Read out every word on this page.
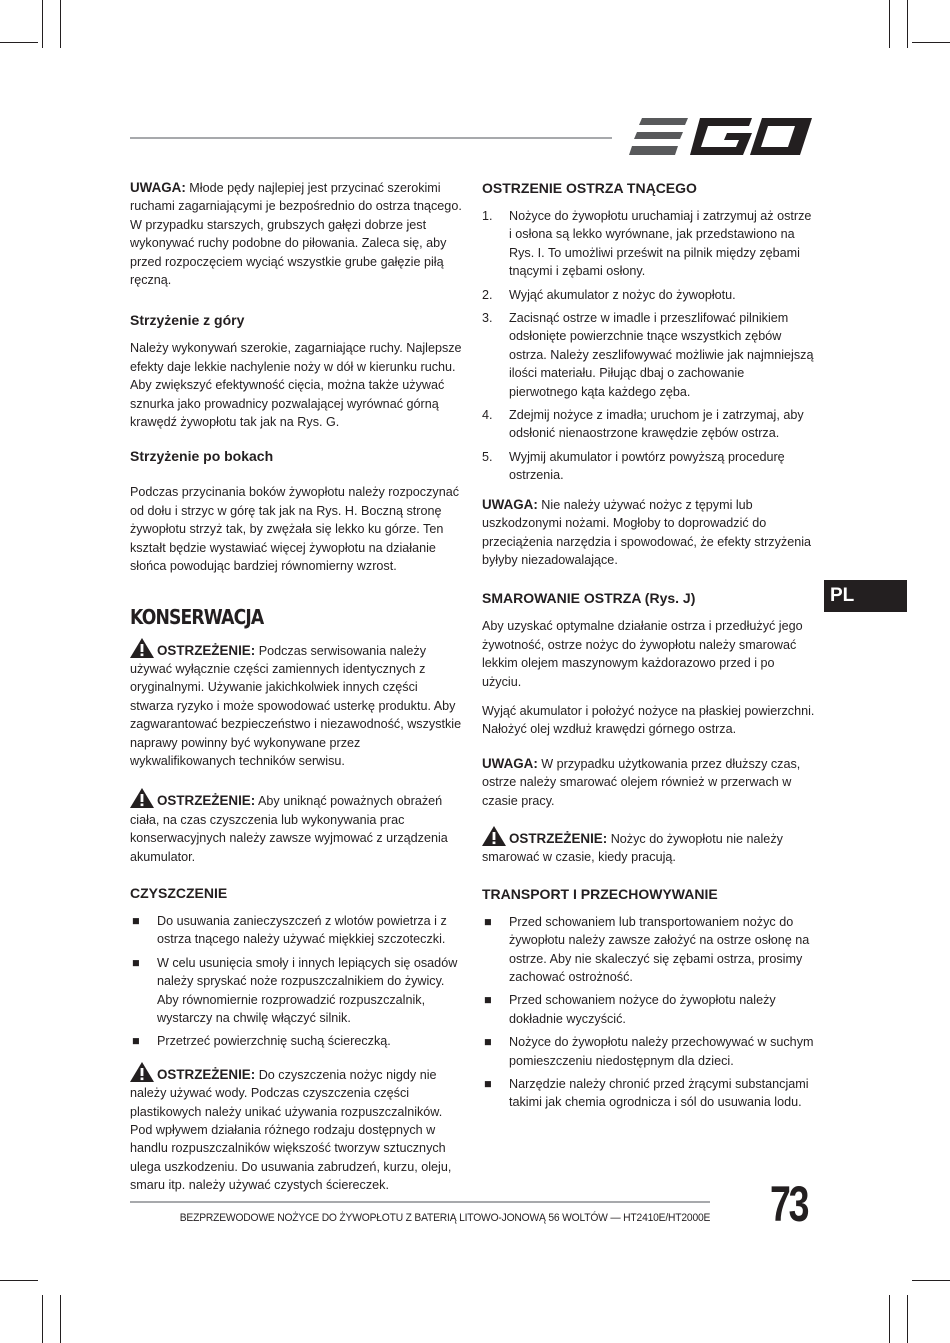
UWAGA: Młode pędy najlepiej jest przycinać szerokimi ruchami zagarniającymi je bezpośrednio do ostrza tnącego. W przypadku starszych, grubszych gałęzi dobrze jest wykonywać ruchy podobne do piłowania. Zaleca się, aby przed rozpoczęciem wyciąć wszystkie grube gałęzie piłą ręczną.

Strzyżenie z góry

Należy wykonywań szerokie, zagarniające ruchy. Najlepsze efekty daje lekkie nachylenie noży w dół w kierunku ruchu. Aby zwiększyć efektywność cięcia, można także używać sznurka jako prowadnicy pozwalającej wyrównać górną krawędź żywopłotu tak jak na Rys. G.

Strzyżenie po bokach

Podczas przycinania boków żywopłotu należy rozpoczynać od dołu i strzyc w górę tak jak na Rys. H. Boczną stronę żywopłotu strzyż tak, by zwężała się lekko ku górze. Ten kształt będzie wystawiać więcej żywopłotu na działanie słońca powodując bardziej równomierny wzrost.

KONSERWACJA

OSTRZEŻENIE: Podczas serwisowania należy używać wyłącznie części zamiennych identycznych z oryginalnymi. Używanie jakichkolwiek innych części stwarza ryzyko i może spowodować usterkę produktu. Aby zagwarantować bezpieczeństwo i niezawodność, wszystkie naprawy powinny być wykonywane przez wykwalifikowanych techników serwisu.

OSTRZEŻENIE: Aby uniknąć poważnych obrażeń ciała, na czas czyszczenia lub wykonywania prac konserwacyjnych należy zawsze wyjmować z urządzenia akumulator.

CZYSZCZENIE
■ Do usuwania zanieczyszczeń z wlotów powietrza i z ostrza tnącego należy używać miękkiej szczoteczki.
■ W celu usunięcia smoły i innych lepiących się osadów należy spryskać noże rozpuszczalnikiem do żywicy. Aby równomiernie rozprowadzić rozpuszczalnik, wystarczy na chwilę włączyć silnik.
■ Przetrzeć powierzchnię suchą ściereczką.

OSTRZEŻENIE: Do czyszczenia nożyc nigdy nie należy używać wody. Podczas czyszczenia części plastikowych należy unikać używania rozpuszczalników. Pod wpływem działania różnego rodzaju dostępnych w handlu rozpuszczalników większość tworzyw sztucznych ulega uszkodzeniu. Do usuwania zabrudzeń, kurzu, oleju, smaru itp. należy używać czystych ściereczek.

OSTRZENIE OSTRZA TNĄCEGO
1. Nożyce do żywopłotu uruchamiaj i zatrzymuj aż ostrze i osłona są lekko wyrównane, jak przedstawiono na Rys. I. To umożliwi prześwit na pilnik między zębami tnącymi i zębami osłony.
2. Wyjąć akumulator z nożyc do żywopłotu.
3. Zacisnąć ostrze w imadle i przeszlifować pilnikiem odsłonięte powierzchnie tnące wszystkich zębów ostrza. Należy zeszlifowywać możliwie jak najmniejszą ilości materiału. Piłując dbaj o zachowanie pierwotnego kąta każdego zęba.
4. Zdejmij nożyce z imadła; uruchom je i zatrzymaj, aby odsłonić nienaostrzone krawędzie zębów ostrza.
5. Wyjmij akumulator i powtórz powyższą procedurę ostrzenia.

UWAGA: Nie należy używać nożyc z tępymi lub uszkodzonymi nożami. Mogłoby to doprowadzić do przeciążenia narzędzia i spowodować, że efekty strzyżenia byłyby niezadowalające.

SMAROWANIE OSTRZA (Rys. J)

Aby uzyskać optymalne działanie ostrza i przedłużyć jego żywotność, ostrze nożyc do żywopłotu należy smarować lekkim olejem maszynowym każdorazowo przed i po użyciu.

Wyjąć akumulator i położyć nożyce na płaskiej powierzchni. Nałożyć olej wzdłuż krawędzi górnego ostrza.

UWAGA: W przypadku użytkowania przez dłuższy czas, ostrze należy smarować olejem również w przerwach w czasie pracy.

OSTRZEŻENIE: Nożyc do żywopłotu nie należy smarować w czasie, kiedy pracują.

TRANSPORT I PRZECHOWYWANIE
■ Przed schowaniem lub transportowaniem nożyc do żywopłotu należy zawsze założyć na ostrze osłonę na ostrze. Aby nie skaleczyć się zębami ostrza, prosimy zachować ostrożność.
■ Przed schowaniem nożyce do żywopłotu należy dokładnie wyczyścić.
■ Nożyce do żywopłotu należy przechowywać w suchym pomieszczeniu niedostępnym dla dzieci.
■ Narzędzie należy chronić przed żrącymi substancjami takimi jak chemia ogrodnicza i sól do usuwania lodu.
PL
BEZPRZEWODOWE NOŻYCE DO ŻYWOPŁOTU Z BATERIĄ LITOWO-JONOWĄ 56 WOLTÓW — HT2410E/HT2000E	73
